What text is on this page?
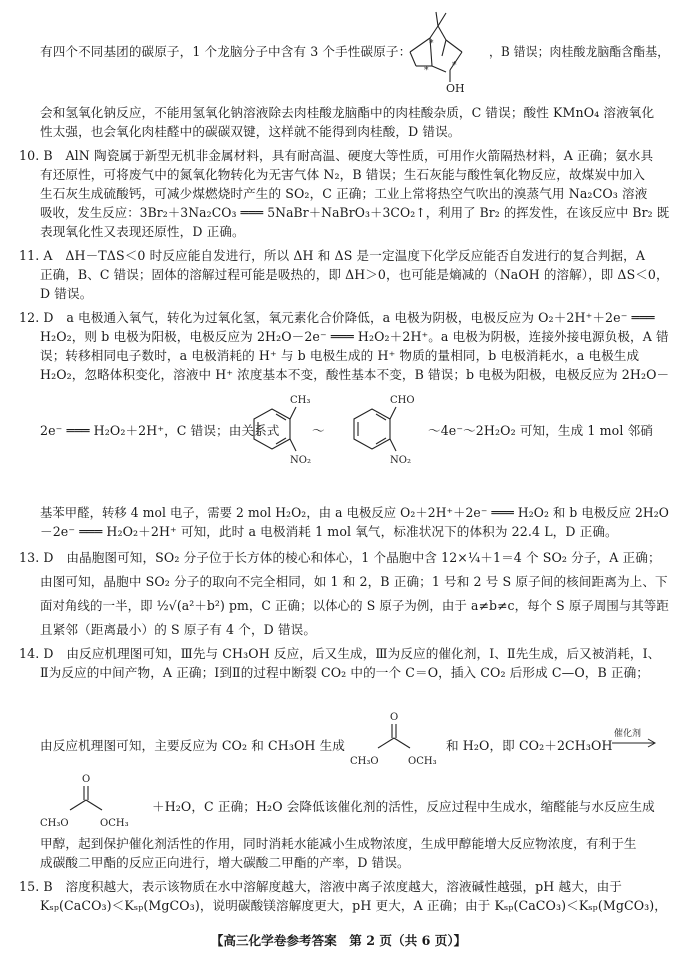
有四个不同基团的碳原子，1 个龙脑分子中含有 3 个手性碳原子：	，B 错误；肉桂酸龙脑酯含酯基，
会和氢氧化钠反应，不能用氢氧化钠溶液除去肉桂酸龙脑酯中的肉桂酸杂质，C 错误；酸性 KMnO₄ 溶液氧化
性太强，也会氧化肉桂醛中的碳碳双键，这样就不能得到肉桂酸，D 错误。
10. B　AlN 陶瓷属于新型无机非金属材料，具有耐高温、硬度大等性质，可用作火箭隔热材料，A 正确；氨水具
有还原性，可将废气中的氮氧化物转化为无害气体 N₂，B 错误；生石灰能与酸性氧化物反应，故煤炭中加入
生石灰生成硫酸钙，可减少煤燃烧时产生的 SO₂，C 正确；工业上常将热空气吹出的溴蒸气用 Na₂CO₃ 溶液
吸收，发生反应：3Br₂＋3Na₂CO₃ ═══ 5NaBr＋NaBrO₃＋3CO₂↑，利用了 Br₂ 的挥发性，在该反应中 Br₂ 既
表现氧化性又表现还原性，D 正确。
11. A　ΔH－TΔS＜0 时反应能自发进行，所以 ΔH 和 ΔS 是一定温度下化学反应能否自发进行的复合判据，A
正确，B、C 错误；固体的溶解过程可能是吸热的，即 ΔH＞0，也可能是熵减的（NaOH 的溶解），即 ΔS＜0，
D 错误。
12. D　a 电极通入氧气，转化为过氧化氢，氧元素化合价降低，a 电极为阴极，电极反应为 O₂＋2H⁺＋2e⁻ ═══
H₂O₂，则 b 电极为阳极，电极反应为 2H₂O－2e⁻ ═══ H₂O₂＋2H⁺。a 电极为阴极，连接外接电源负极，A 错
误；转移相同电子数时，a 电极消耗的 H⁺ 与 b 电极生成的 H⁺ 物质的量相同，b 电极消耗水，a 电极生成
H₂O₂，忽略体积变化，溶液中 H⁺ 浓度基本不变，酸性基本不变，B 错误；b 电极为阳极，电极反应为 2H₂O－
2e⁻ ═══ H₂O₂＋2H⁺，C 错误；由关系式	～	～4e⁻～2H₂O₂ 可知，生成 1 mol 邻硝
基苯甲醛，转移 4 mol 电子，需要 2 mol H₂O₂，由 a 电极反应 O₂＋2H⁺＋2e⁻ ═══ H₂O₂ 和 b 电极反应 2H₂O
－2e⁻ ═══ H₂O₂＋2H⁺ 可知，此时 a 电极消耗 1 mol 氧气，标准状况下的体积为 22.4 L，D 正确。
13. D　由晶胞图可知，SO₂ 分子位于长方体的棱心和体心，1 个晶胞中含 12×¼＋1＝4 个 SO₂ 分子，A 正确；
由图可知，晶胞中 SO₂ 分子的取向不完全相同，如 1 和 2，B 正确；1 号和 2 号 S 原子间的核间距离为上、下
面对角线的一半，即 ½√(a²＋b²) pm，C 正确；以体心的 S 原子为例，由于 a≠b≠c，每个 S 原子周围与其等距
且紧邻（距离最小）的 S 原子有 4 个，D 错误。
14. D　由反应机理图可知，Ⅲ先与 CH₃OH 反应，后又生成，Ⅲ为反应的催化剂，Ⅰ、Ⅱ先生成，后又被消耗，Ⅰ、
Ⅱ为反应的中间产物，A 正确；Ⅰ到Ⅱ的过程中断裂 CO₂ 中的一个 C＝O，插入 CO₂ 后形成 C—O，B 正确；
由反应机理图可知，主要反应为 CO₂ 和 CH₃OH 生成	和 H₂O，即 CO₂＋2CH₃OH
＋H₂O，C 正确；H₂O 会降低该催化剂的活性，反应过程中生成水，缩醛能与水反应生成
甲醇，起到保护催化剂活性的作用，同时消耗水能减小生成物浓度，生成甲醇能增大反应物浓度，有利于生
成碳酸二甲酯的反应正向进行，增大碳酸二甲酯的产率，D 错误。
15. B　溶度积越大，表示该物质在水中溶解度越大，溶液中离子浓度越大，溶液碱性越强，pH 越大，由于
Kₛₚ(CaCO₃)＜Kₛₚ(MgCO₃)，说明碳酸镁溶解度更大，pH 更大，A 正确；由于 Kₛₚ(CaCO₃)＜Kₛₚ(MgCO₃)，
*
*	*
OH
CH₃
NO₂
CHO
NO₂
O
CH₃O	OCH₃
催化剂
O
CH₃O	OCH₃
【高三化学卷参考答案　第 2 页（共 6 页）】
